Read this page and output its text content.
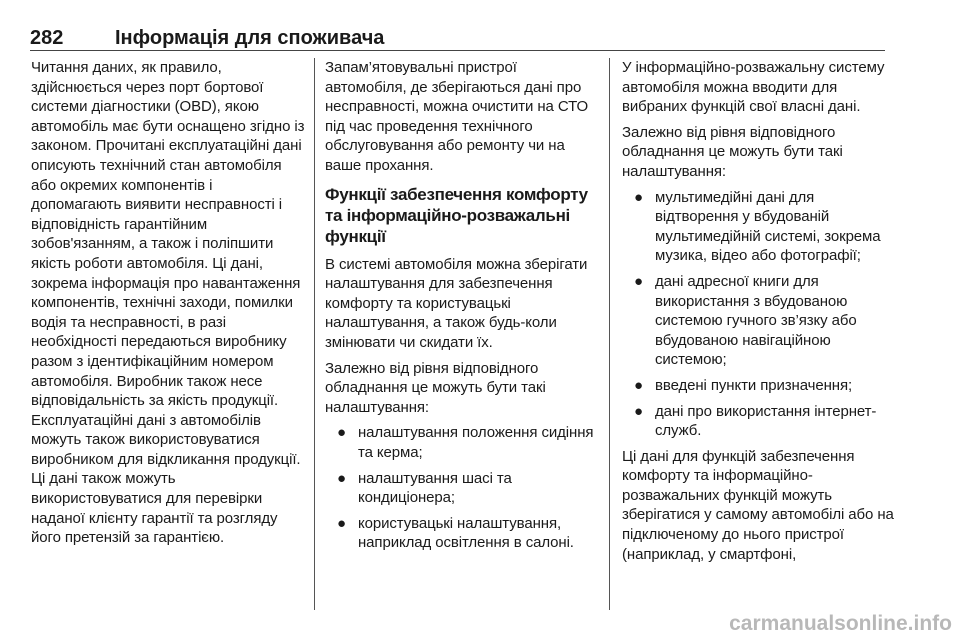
282	Інформація для споживача

Читання даних, як правило, здійснюється через порт бортової системи діагностики (OBD), якою автомобіль має бути оснащено згідно із законом. Прочитані експлуатаційні дані описують технічний стан автомобіля або окремих компонентів і допомагають виявити несправності і відповідність гарантійним зобов'язанням, а також і поліпшити якість роботи автомобіля. Ці дані, зокрема інформація про навантаження компонентів, технічні заходи, помилки водія та несправності, в разі необхідності передаються виробнику разом з ідентифікаційним номером автомобіля. Виробник також несе відповідальність за якість продукції. Експлуатаційні дані з автомобілів можуть також використовуватися виробником для відкликання продукції. Ці дані також можуть використовуватися для перевірки наданої клієнту гарантії та розгляду його претензій за гарантією.

Запам’ятовувальні пристрої автомобіля, де зберігаються дані про несправності, можна очистити на СТО під час проведення технічного обслуговування або ремонту чи на ваше прохання.

Функції забезпечення комфорту та інформаційно-розважальні функції

В системі автомобіля можна зберігати налаштування для забезпечення комфорту та користувацькі налаштування, а також будь-коли змінювати чи скидати їх.

Залежно від рівня відповідного обладнання це можуть бути такі налаштування:

● налаштування положення сидіння та керма;
● налаштування шасі та кондиціонера;
● користувацькі налаштування, наприклад освітлення в салоні.

У інформаційно-розважальну систему автомобіля можна вводити для вибраних функцій свої власні дані.

Залежно від рівня відповідного обладнання це можуть бути такі налаштування:

● мультимедійні дані для відтворення у вбудованій мультимедійній системі, зокрема музика, відео або фотографії;
● дані адресної книги для використання з вбудованою системою гучного зв’язку або вбудованою навігаційною системою;
● введені пункти призначення;
● дані про використання інтернет-служб.

Ці дані для функцій забезпечення комфорту та інформаційно-розважальних функцій можуть зберігатися у самому автомобілі або на підключеному до нього пристрої (наприклад, у смартфоні,

carmanualsonline.info
